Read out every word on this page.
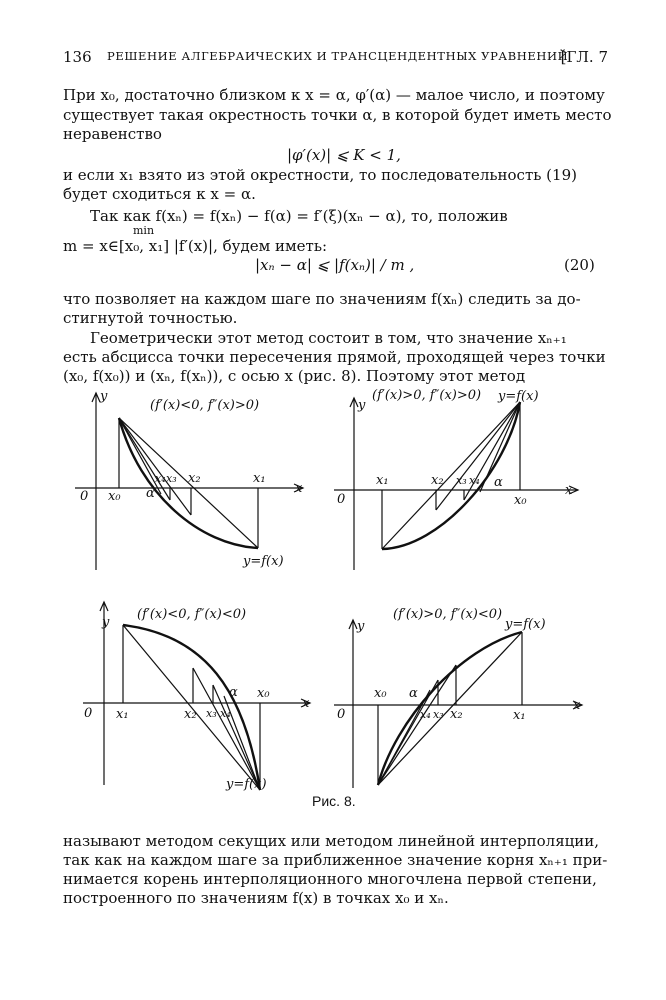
136 РЕШЕНИЕ АЛГЕБРАИЧЕСКИХ И ТРАНСЦЕНДЕНТНЫХ УРАВНЕНИЙ
[ГЛ. 7
При x₀, достаточно близком к x = α, φ′(α) — малое число, и поэтому
существует такая окрестность точки α, в которой будет иметь место
неравенство
|φ′(x)| ⩽ K < 1,
и если x₁ взято из этой окрестности, то последовательность (19)
будет сходиться к x = α.
Так как f(xₙ) = f(xₙ) − f(α) = f′(ξ)(xₙ − α), то, положив
min
m = x∈[x₀, x₁] |f′(x)|, будем иметь:
|xₙ − α| ⩽ |f(xₙ)| / m ,	(20)
что позволяет на каждом шаге по значениям f(xₙ) следить за до-
стигнутой точностью.
Геометрически этот метод состоит в том, что значение xₙ₊₁
есть абсцисса точки пересечения прямой, проходящей через точки
(x₀, f(x₀)) и (xₙ, f(xₙ)), с осью x (рис. 8). Поэтому этот метод
(f′(x)<0, f″(x)>0)
y
x
0
y=f(x)
x₀ α
x₄ x₃ x₂	x₁
(f′(x)>0, f″(x)>0)
y
x
0
y=f(x)
x₁	x₂ x₃ x₄ α
x₀
(f′(x)<0, f″(x)<0)
y
x
0
y=f(x)
x₁	x₂ x₃ x₄
α x₀
(f′(x)>0, f″(x)<0)
y
x
0
y=f(x)
x₀ α
x₄ x₃ x₂	x₁
Рис. 8.
называют методом секущих или методом линейной интерполяции,
так как на каждом шаге за приближенное значение корня xₙ₊₁ при-
нимается корень интерполяционного многочлена первой степени,
построенного по значениям f(x) в точках x₀ и xₙ.
